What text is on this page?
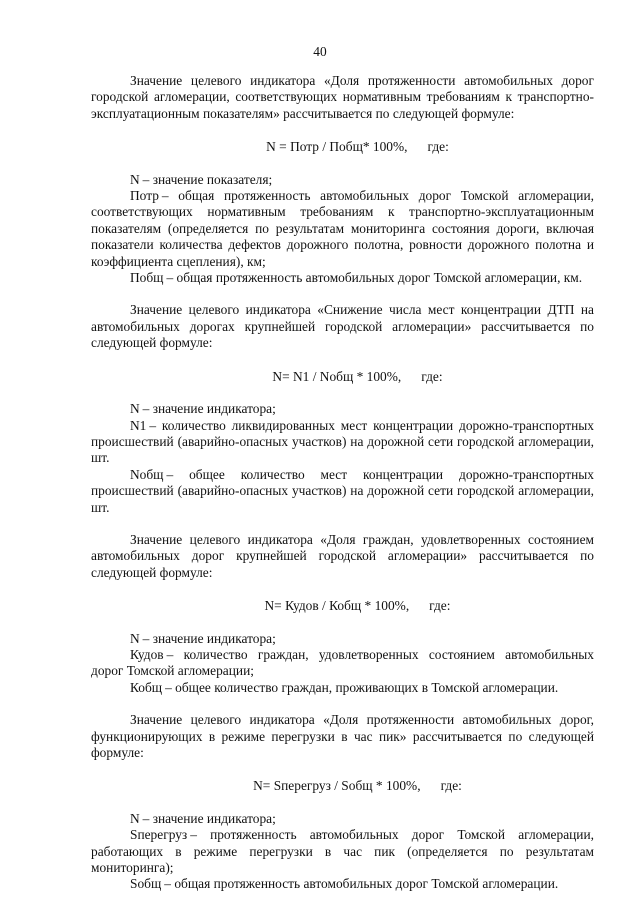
40

Значение целевого индикатора «Доля протяженности автомобильных дорог городской агломерации, соответствующих нормативным требованиям к транспортно-эксплуатационным показателям» рассчитывается по следующей формуле:

N = Потр / Побщ* 100%, где:

N – значение показателя;

Потр – общая протяженность автомобильных дорог Томской агломерации, соответствующих нормативным требованиям к транспортно-эксплуатационным показателям (определяется по результатам мониторинга состояния дороги, включая показатели количества дефектов дорожного полотна, ровности дорожного полотна и коэффициента сцепления), км;

Побщ – общая протяженность автомобильных дорог Томской агломерации, км.

Значение целевого индикатора «Снижение числа мест концентрации ДТП на автомобильных дорогах крупнейшей городской агломерации» рассчитывается по следующей формуле:

N= N1 / Nобщ * 100%, где:

N – значение индикатора;

N1 – количество ликвидированных мест концентрации дорожно-транспортных происшествий (аварийно-опасных участков) на дорожной сети городской агломерации, шт.

Nобщ – общее количество мест концентрации дорожно-транспортных происшествий (аварийно-опасных участков) на дорожной сети городской агломерации, шт.

Значение целевого индикатора «Доля граждан, удовлетворенных состоянием автомобильных дорог крупнейшей городской агломерации» рассчитывается по следующей формуле:

N= Кудов / Кобщ * 100%, где:

N – значение индикатора;

Кудов – количество граждан, удовлетворенных состоянием автомобильных дорог Томской агломерации;

Кобщ – общее количество граждан, проживающих в Томской агломерации.

Значение целевого индикатора «Доля протяженности автомобильных дорог, функционирующих в режиме перегрузки в час пик» рассчитывается по следующей формуле:

N= Sперегруз / Sобщ * 100%, где:

N – значение индикатора;

Sперегруз – протяженность автомобильных дорог Томской агломерации, работающих в режиме перегрузки в час пик (определяется по результатам мониторинга);

Sобщ – общая протяженность автомобильных дорог Томской агломерации.
